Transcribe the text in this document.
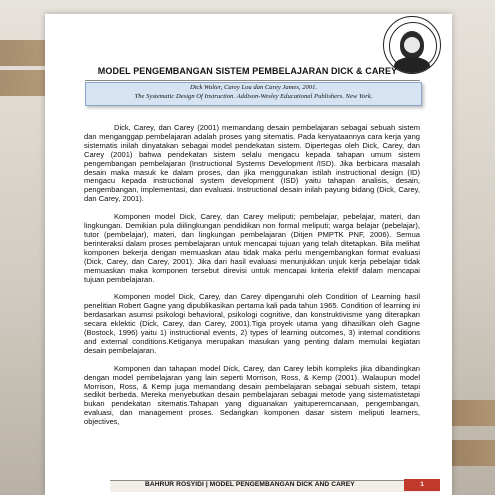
MODEL PENGEMBANGAN SISTEM PEMBELAJARAN DICK & CAREY
Dick Walter, Carey Lou dan Carey James, 2001.
The Systematic Design Of Instruction. Addison-Wesley Educational Publishers. New York.

Dick, Carey, dan Carey (2001) memandang desain pembelajaran sebagai sebuah sistem dan menganggap pembelajaran adalah proses yang sitematis. Pada kenyataannya cara kerja yang sistematis inilah dinyatakan sebagai model pendekatan sistem. Dipertegas oleh Dick, Carey, dan Carey (2001) bahwa pendekatan sistem selalu mengacu kepada tahapan umum sistem pengembangan pembelajaran (Instructional Systems Development /ISD). Jika berbicara masalah desain maka masuk ke dalam proses, dan jika menggunakan istilah instructional design (ID) mengacu kepada instructional system development (ISD) yaitu tahapan analisis, desain, pengembangan, implementasi, dan evaluasi. Instructional desain inilah payung bidang (Dick, Carey, dan Carey, 2001).

Komponen model Dick, Carey, dan Carey meliputi; pembelajar, pebelajar, materi, dan lingkungan. Demikian pula diilingkungan pendidikan non formal meliputi; warga belajar (pebelajar), tutor (pembelajar), materi, dan lingkungan pembelajaran (Ditjen PMPTK PNF, 2006). Semua berinteraksi dalam proses pembelajaran untuk mencapai tujuan yang telah ditetapkan. Bila melihat komponen bekerja dengan memuaskan atau tidak maka perlu mengembangkan format evaluasi (Dick, Carey, dan Carey, 2001). Jika dari hasil evaluasi menunjukkan unjuk kerja pebelajar tidak memuaskan maka komponen tersebut direvisi untuk mencapai kriteria efektif dalam mencapai tujuan pembelajaran.

Komponen model Dick, Carey, dan Carey dipengaruhi oleh Condition of Learning hasil penelitian Robert Gagne yang dipublikasikan pertama kali pada tahun 1965. Condition of learning ini berdasarkan asumsi psikologi behavioral, psikologi cognitive, dan konstruktivisme yang diterapkan secara eklektic (Dick, Carey, dan Carey, 2001).Tiga proyek utama yang dihasilkan oleh Gagne (Bostock, 1996) yaitu 1) instructional events, 2) types of learning outcomes, 3) internal conditions and external conditions.Ketiganya merupakan masukan yang penting dalam memulai kegiatan desain pembelajaran.

Komponen dan tahapan model Dick, Carey, dan Carey lebih kompleks jika dibandingkan dengan model pembelajaran yang lain seperti Morrison, Ross, & Kemp (2001). Walaupun model Morrison, Ross, & Kemp juga memandang desain pembelajaran sebagai sebuah sistem, tetapi sedikit berbeda. Mereka menyebutkan desain pembelajaran sebagai metode yang sistematistetapi bukan pendekatan sitematis.Tahapan yang diguanakan yaitupererncanaan, pengembangan, evaluasi, dan management proses. Sedangkan komponen dasar sistem meliputi learners, objectives,

BAHRUR ROSYIDI | MODEL PENGEMBANGAN DICK AND CAREY	1
